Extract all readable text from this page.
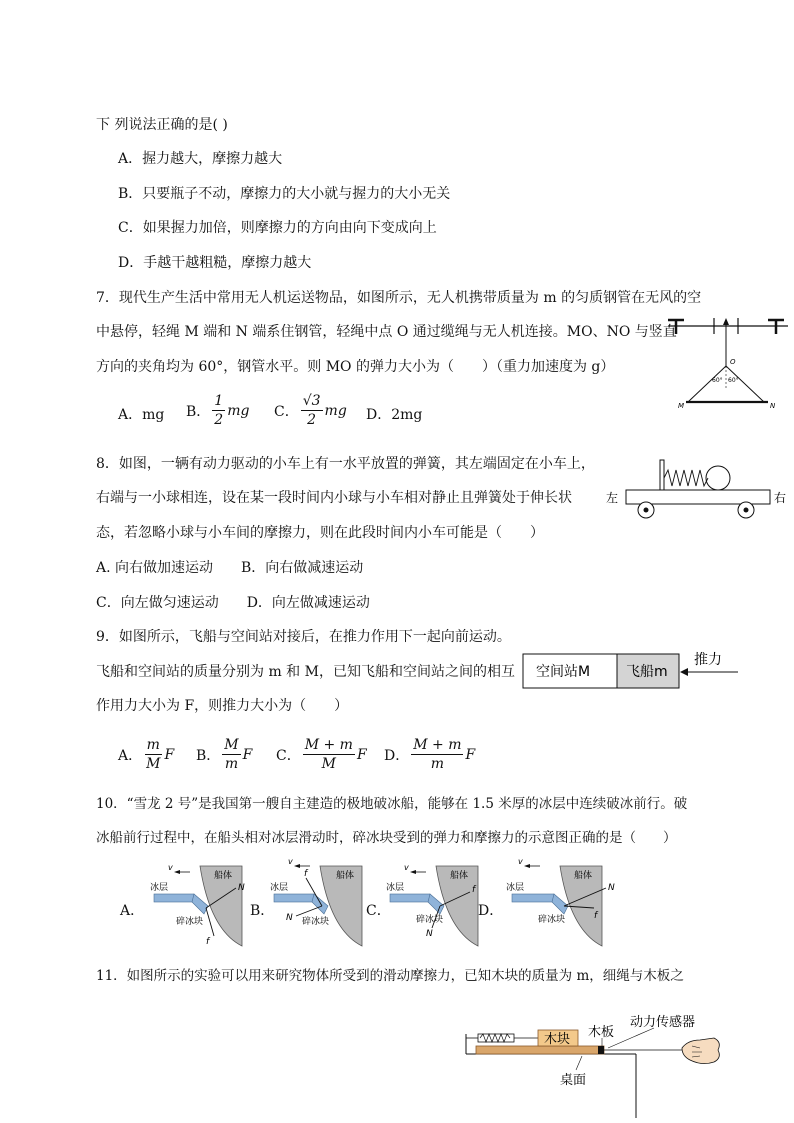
下 列说法正确的是( )
A．握力越大，摩擦力越大
B．只要瓶子不动，摩擦力的大小就与握力的大小无关
C．如果握力加倍，则摩擦力的方向由向下变成向上
D．手越干越粗糙，摩擦力越大
7．现代生产生活中常用无人机运送物品，如图所示，无人机携带质量为 m 的匀质钢管在无风的空
中悬停，轻绳 M 端和 N 端系住钢管，轻绳中点 O 通过缆绳与无人机连接。MO、NO 与竖直
方向的夹角均为 60°，钢管水平。则 MO 的弹力大小为（　　）（重力加速度为 g）
A．mg B． $\frac{1}{2}$ mg C． $\frac{√3}{2}$ mg D．2mg
O
M	N
60° 60°
8．如图，一辆有动力驱动的小车上有一水平放置的弹簧，其左端固定在小车上，
右端与一小球相连，设在某一段时间内小球与小车相对静止且弹簧处于伸长状
态，若忽略小球与小车间的摩擦力，则在此段时间内小车可能是（　　）
A. 向右做加速运动　　B．向右做减速运动
C．向左做匀速运动　　D．向左做减速运动
左	右
9．如图所示，飞船与空间站对接后，在推力作用下一起向前运动。
飞船和空间站的质量分别为 m 和 M，已知飞船和空间站之间的相互
作用力大小为 F，则推力大小为（　　）
空间站M	飞船m
推力
A． $\frac{m}{M}$ F B． $\frac{M}{m}$ F C． $\frac{M + m}{M}$ F D． $\frac{M + m}{m}$ F
10．“雪龙 2 号”是我国第一艘自主建造的极地破冰船，能够在 1.5 米厚的冰层中连续破冰前行。破
冰船前行过程中，在船头相对冰层滑动时，碎冰块受到的弹力和摩擦力的示意图正确的是（　　）
A．	B．	C．	D．
v
冰层
船体
碎冰块
N
f
v
冰层
船体
碎冰块
f
N
v
冰层
船体
碎冰块
f
N
v
冰层
船体
碎冰块
N
f
11．如图所示的实验可以用来研究物体所受到的滑动摩擦力，已知木块的质量为 m，细绳与木板之
木块 木板
动力传感器
桌面
